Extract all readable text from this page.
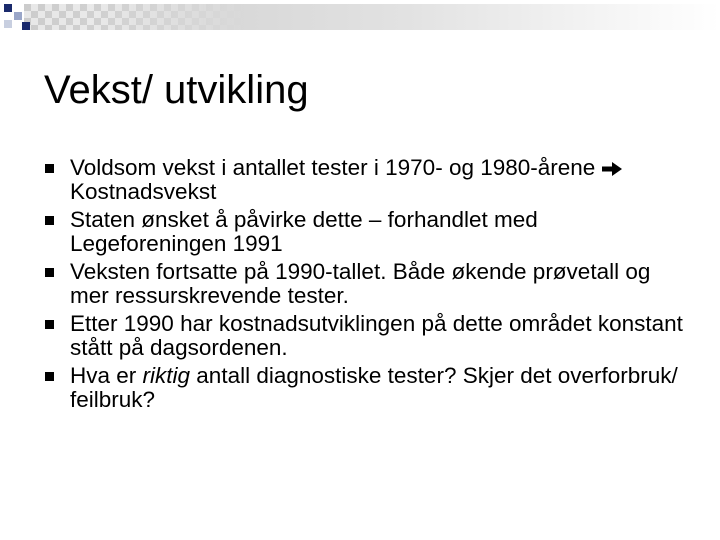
Vekst/ utvikling
Voldsom vekst i antallet tester i 1970- og 1980-åreneKostnadsvekst
Staten ønsket å påvirke dette – forhandlet med Legeforeningen 1991
Veksten fortsatte på 1990-tallet. Både økende prøvetall og mer ressurskrevende tester.
Etter 1990 har kostnadsutviklingen på dette området konstant stått på dagsordenen.
Hva er riktig antall diagnostiske tester? Skjer det overforbruk/ feilbruk?
